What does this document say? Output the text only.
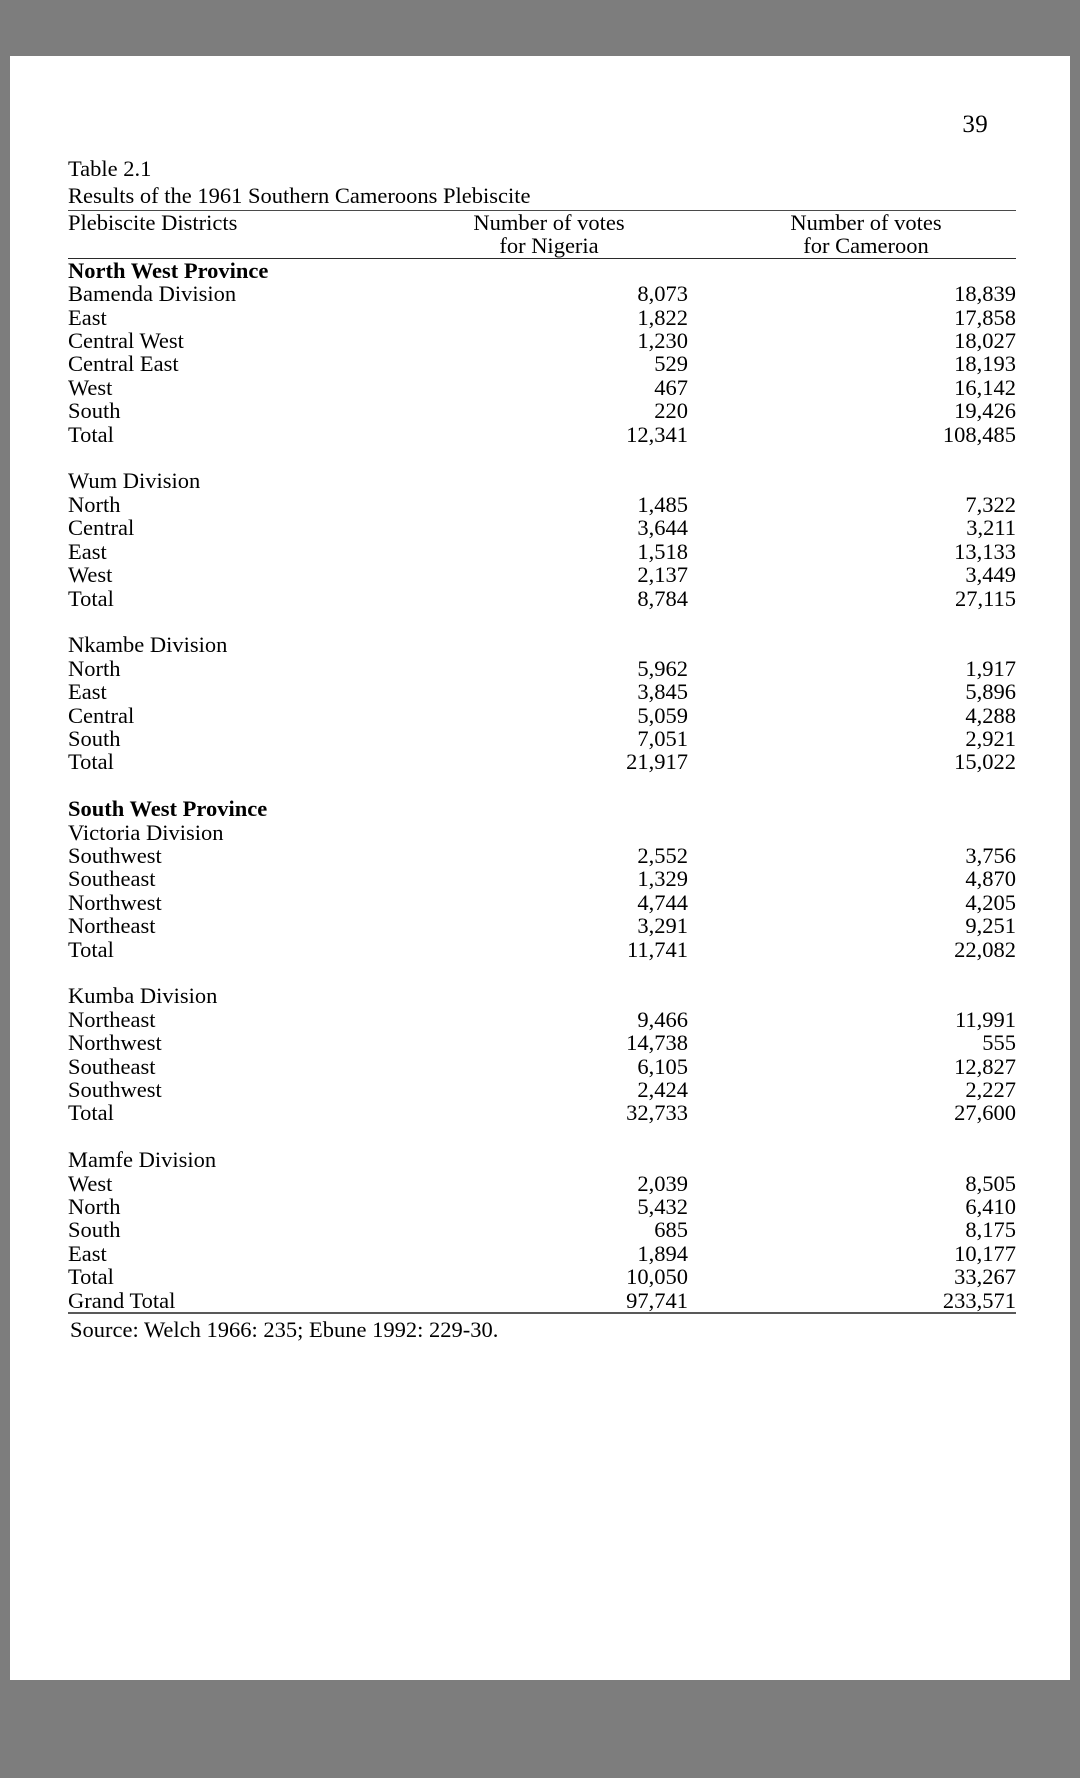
39
Table 2.1
Results of the 1961 Southern Cameroons Plebiscite
Plebiscite Districts	Number of votes	Number of votes
	for Nigeria	for Cameroon
North West Province		
Bamenda Division	8,073	18,839
East	1,822	17,858
Central West	1,230	18,027
Central East	529	18,193
West	467	16,142
South	220	19,426
Total	12,341	108,485

Wum Division		
North	1,485	7,322
Central	3,644	3,211
East	1,518	13,133
West	2,137	3,449
Total	8,784	27,115

Nkambe Division		
North	5,962	1,917
East	3,845	5,896
Central	5,059	4,288
South	7,051	2,921
Total	21,917	15,022

South West Province		
Victoria Division		
Southwest	2,552	3,756
Southeast	1,329	4,870
Northwest	4,744	4,205
Northeast	3,291	9,251
Total	11,741	22,082

Kumba Division		
Northeast	9,466	11,991
Northwest	14,738	555
Southeast	6,105	12,827
Southwest	2,424	2,227
Total	32,733	27,600

Mamfe Division		
West	2,039	8,505
North	5,432	6,410
South	685	8,175
East	1,894	10,177
Total	10,050	33,267
Grand Total	97,741	233,571
Source: Welch 1966: 235; Ebune 1992: 229-30.
